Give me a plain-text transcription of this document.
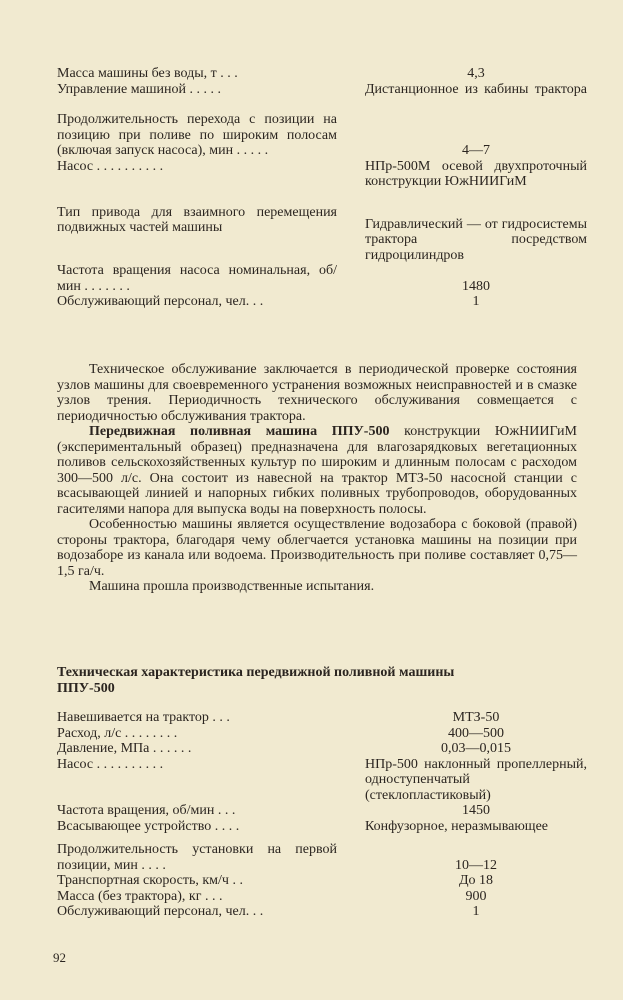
Масса машины без воды, т . . .	4,3
Управление машиной . . . . .	Дистанционное из кабины трактора
Продолжительность перехода с позиции на позицию при поливе по широким полосам (включая запуск насоса), мин . . . . .	4—7
Насос . . . . . . . . . .	НПр-500М осевой двухпроточный конструкции ЮжНИИГиМ
Тип привода для взаимного перемещения подвижных частей машины	Гидравлический — от гидросистемы трактора посредством гидроцилиндров
Частота вращения насоса номинальная, об/мин . . . . . . .	1480
Обслуживающий персонал, чел. . .	1

Техническое обслуживание заключается в периодической проверке состояния узлов машины для своевременного устранения возможных неисправностей и в смазке узлов трения. Периодичность технического обслуживания совмещается с периодичностью обслуживания трактора.

Передвижная поливная машина ППУ-500 конструкции ЮжНИИГиМ (экспериментальный образец) предназначена для влагозарядковых вегетационных поливов сельскохозяйственных культур по широким и длинным полосам с расходом 300—500 л/с. Она состоит из навесной на трактор МТЗ-50 насосной станции с всасывающей линией и напорных гибких поливных трубопроводов, оборудованных гасителями напора для выпуска воды на поверхность полосы.

Особенностью машины является осуществление водозабора с боковой (правой) стороны трактора, благодаря чему облегчается установка машины на позиции при водозаборе из канала или водоема. Производительность при поливе составляет 0,75—1,5 га/ч.

Машина прошла производственные испытания.

Техническая характеристика передвижной поливной машины ППУ-500
Навешивается на трактор . . .	МТЗ-50
Расход, л/с . . . . . . . .	400—500
Давление, МПа . . . . . .	0,03—0,015
Насос . . . . . . . . . .	НПр-500 наклонный пропеллерный, одноступенчатый (стеклопластиковый)
Частота вращения, об/мин . . .	1450
Всасывающее устройство . . . .	Конфузорное, неразмывающее
Продолжительность установки на первой позиции, мин . . . .	10—12
Транспортная скорость, км/ч . .	До 18
Масса (без трактора), кг . . .	900
Обслуживающий персонал, чел. . .	1
92
